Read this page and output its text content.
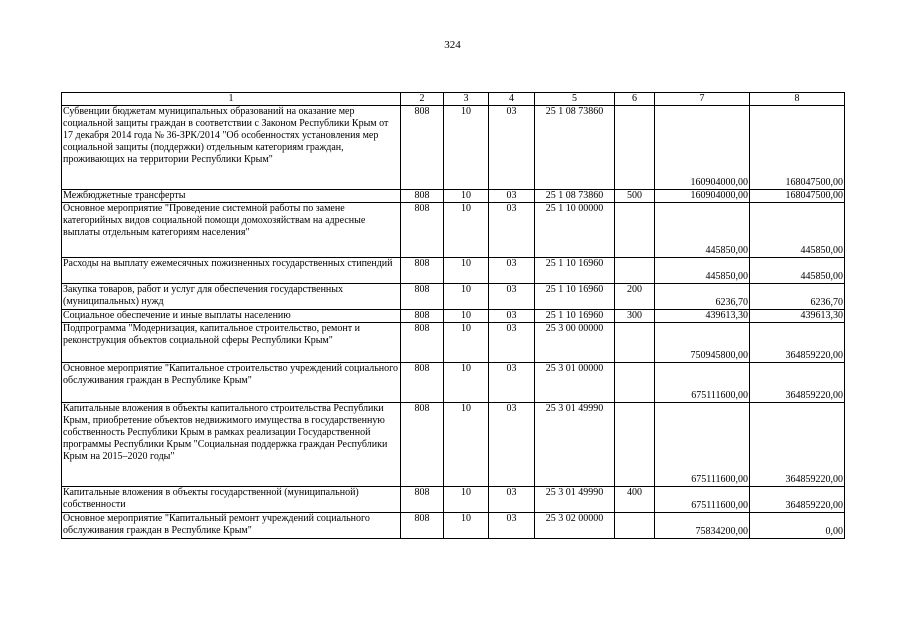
324
1	2	3	4	5	6	7	8
Субвенции бюджетам муниципальных образований на оказание мер социальной защиты граждан в соответствии с Законом Республики Крым от 17 декабря 2014 года № 36-ЗРК/2014 "Об особенностях установления мер социальной защиты (поддержки) отдельным категориям граждан, проживающих на территории Республики Крым"	808	10	03	25 1 08 73860		160904000,00	168047500,00
Межбюджетные трансферты	808	10	03	25 1 08 73860	500	160904000,00	168047500,00
Основное мероприятие "Проведение системной работы по замене категорийных видов социальной помощи домохозяйствам на адресные выплаты отдельным категориям населения"	808	10	03	25 1 10 00000		445850,00	445850,00
Расходы на выплату ежемесячных пожизненных государственных стипендий	808	10	03	25 1 10 16960		445850,00	445850,00
Закупка товаров, работ и услуг для обеспечения государственных (муниципальных) нужд	808	10	03	25 1 10 16960	200	6236,70	6236,70
Социальное обеспечение и иные выплаты населению	808	10	03	25 1 10 16960	300	439613,30	439613,30
Подпрограмма "Модернизация, капитальное строительство, ремонт и реконструкция объектов социальной сферы Республики Крым"	808	10	03	25 3 00 00000		750945800,00	364859220,00
Основное мероприятие "Капитальное строительство учреждений социального обслуживания граждан в Республике Крым"	808	10	03	25 3 01 00000		675111600,00	364859220,00
Капитальные вложения в объекты капитального строительства Республики Крым, приобретение объектов недвижимого имущества в государственную собственность Республики Крым в рамках реализации Государственной программы Республики Крым "Социальная поддержка граждан Республики Крым на 2015–2020 годы"	808	10	03	25 3 01 49990		675111600,00	364859220,00
Капитальные вложения в объекты государственной (муниципальной) собственности	808	10	03	25 3 01 49990	400	675111600,00	364859220,00
Основное мероприятие "Капитальный ремонт учреждений социального обслуживания граждан в Республике Крым"	808	10	03	25 3 02 00000		75834200,00	0,00
